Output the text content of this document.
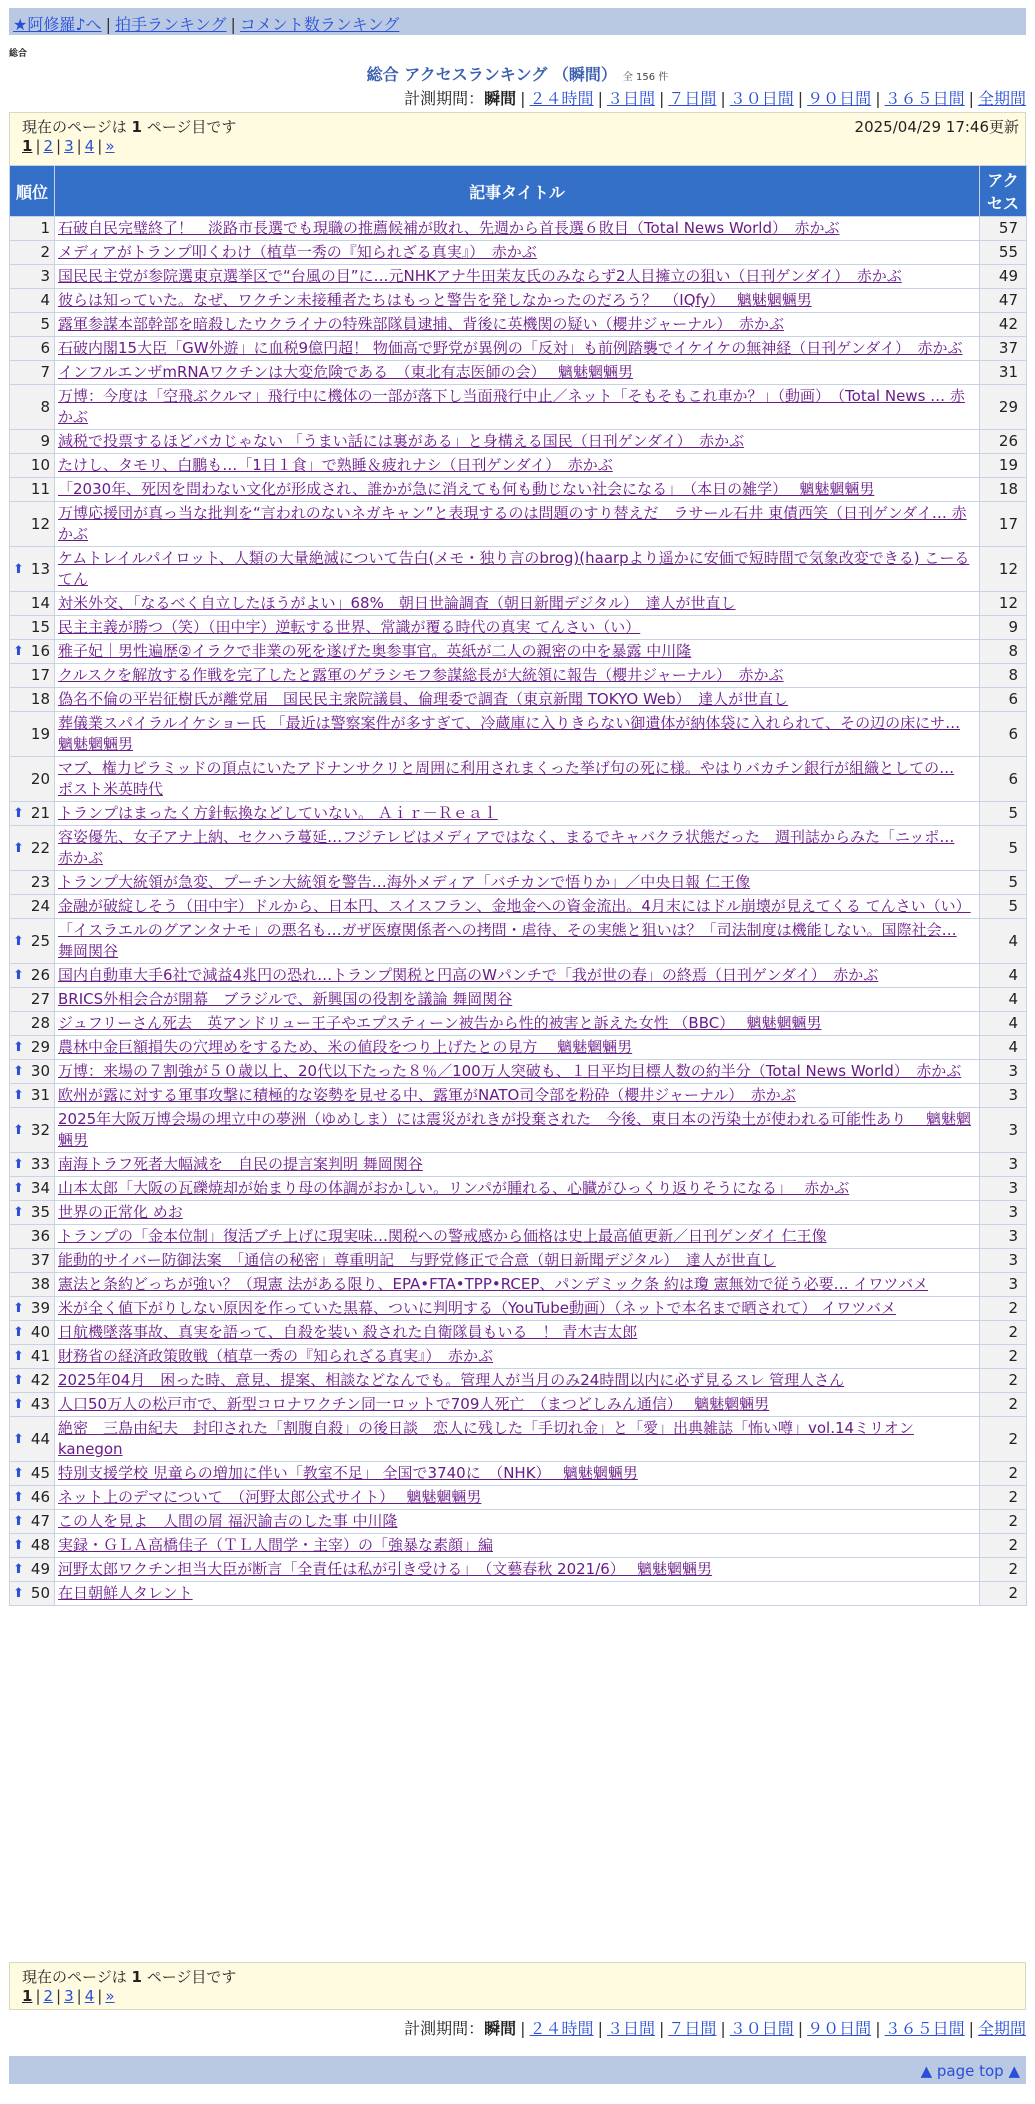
★阿修羅♪へ | 拍手ランキング | コメント数ランキング
総合
総合 アクセスランキング （瞬間） 全 156 件
計測期間：瞬間 | ２４時間 | ３日間 | ７日間 | ３０日間 | ９０日間 | ３６５日間 | 全期間
現在のページは 1 ページ目です	2025/04/29 17:46更新
1 | 2 | 3 | 4 | »
順位	記事タイトル	アクセス
1	石破自民完璧終了！　淡路市長選でも現職の推薦候補が敗れ、先週から首長選６敗目（Total News World）　赤かぶ	57
2	メディアがトランプ叩くわけ（植草一秀の『知られざる真実』）　赤かぶ	55
3	国民民主党が参院選東京選挙区で“台風の目”に…元NHKアナ牛田茉友氏のみならず2人目擁立の狙い（日刊ゲンダイ）　赤かぶ	49
4	彼らは知っていた。なぜ、ワクチン未接種者たちはもっと警告を発しなかったのだろう？　（IQfy）　 魑魅魍魎男	47
5	露軍参謀本部幹部を暗殺したウクライナの特殊部隊員逮捕、背後に英機関の疑い（櫻井ジャーナル）　赤かぶ	42
6	石破内閣15大臣「GW外遊」に血税9億円超！ 物価高で野党が異例の「反対」も前例踏襲でイケイケの無神経（日刊ゲンダイ）　赤かぶ	37
7	インフルエンザmRNAワクチンは大変危険である　（東北有志医師の会）　 魑魅魍魎男	31
8	万博：今度は「空飛ぶクルマ」飛行中に機体の一部が落下し当面飛行中止／ネット「そもそもこれ車か？」（動画）　（Total News … 赤かぶ	29
9	減税で投票するほどバカじゃない 「うまい話には裏がある」と身構える国民（日刊ゲンダイ）　赤かぶ	26
10	たけし、タモリ、白鵬も…「1日１食」で熟睡＆疲れナシ（日刊ゲンダイ）　赤かぶ	19
11	「2030年、死因を問わない文化が形成され、誰かが急に消えても何も動じない社会になる」　（本日の雑学）　 魑魅魍魎男	18
12	万博応援団が真っ当な批判を“言われのないネガキャン”と表現するのは問題のすり替えだ　ラサール石井 東債西笑（日刊ゲンダイ… 赤かぶ	17

⬆ 13	ケムトレイルパイロット、人類の大量絶滅について告白(メモ・独り言のbrog)(haarpより遥かに安価で短時間で気象改変できる) こーるてん	12
14	対米外交、「なるべく自立したほうがよい」68%　朝日世論調査（朝日新聞デジタル）　達人が世直し	12
15	民主主義が勝つ（笑）（田中宇）逆転する世界、常識が覆る時代の真実 てんさい（い）	9

⬆ 16	雅子妃｜男性遍歴②イラクで非業の死を遂げた奥参事官。英紙が二人の親密の中を暴露 中川隆	8
17	クルスクを解放する作戦を完了したと露軍のゲラシモフ参謀総長が大統領に報告（櫻井ジャーナル）　赤かぶ	8
18	偽名不倫の平岩征樹氏が離党届　国民民主衆院議員、倫理委で調査（東京新聞 TOKYO Web）　達人が世直し	6
19	葬儀業スパイラルイケショー氏 「最近は警察案件が多すぎて、冷蔵庫に入りきらない御遺体が納体袋に入れられて、その辺の床にサ… 魑魅魍魎男	6
20	マブ、権力ピラミッドの頂点にいたアドナンサクリと周囲に利用されまくった挙げ句の死に様。やはりバカチン銀行が組織としての… ポスト米英時代	6

⬆ 21	トランプはまったく方針転換などしていない。 Ａｉｒ－Ｒｅａｌ	5

⬆ 22	容姿優先、女子アナ上納、セクハラ蔓延…フジテレビはメディアではなく、まるでキャバクラ状態だった　週刊誌からみた「ニッポ… 赤かぶ	5
23	トランプ大統領が急変、プーチン大統領を警告…海外メディア「バチカンで悟りか」／中央日報 仁王像	5
24	金融が破綻しそう（田中宇）ドルから、日本円、スイスフラン、金地金への資金流出。4月末にはドル崩壊が見えてくる てんさい（い）	5

⬆ 25	「イスラエルのグアンタナモ」の悪名も…ガザ医療関係者への拷問・虐待、その実態と狙いは？「司法制度は機能しない。国際社会… 舞岡関谷	4

⬆ 26	国内自動車大手6社で減益4兆円の恐れ…トランプ関税と円高のWパンチで「我が世の春」の終焉（日刊ゲンダイ）　赤かぶ	4
27	BRICS外相会合が開幕　ブラジルで、新興国の役割を議論 舞岡関谷	4
28	ジュフリーさん死去　英アンドリュー王子やエプスティーン被告から性的被害と訴えた女性 （BBC）　 魑魅魍魎男	4

⬆ 29	農林中金巨額損失の穴埋めをするため、米の値段をつり上げたとの見方　 魑魅魍魎男	4

⬆ 30	万博：来場の７割強が５０歳以上、20代以下たった８％／100万人突破も、１日平均目標人数の約半分（Total News World）　赤かぶ	3

⬆ 31	欧州が露に対する軍事攻撃に積極的な姿勢を見せる中、露軍がNATO司令部を粉砕（櫻井ジャーナル）　赤かぶ	3

⬆ 32	2025年大阪万博会場の埋立中の夢洲（ゆめしま）には震災がれきが投棄された　今後、東日本の汚染土が使われる可能性あり　 魑魅魍魎男	3

⬆ 33	南海トラフ死者大幅減を　自民の提言案判明 舞岡関谷	3

⬆ 34	山本太郎「大阪の瓦礫焼却が始まり母の体調がおかしい。リンパが腫れる、心臓がひっくり返りそうになる」　 赤かぶ	3

⬆ 35	世界の正常化 めお	3
36	トランプの「金本位制」復活ブチ上げに現実味…関税への警戒感から価格は史上最高値更新／日刊ゲンダイ 仁王像	3
37	能動的サイバー防御法案　「通信の秘密」尊重明記　与野党修正で合意（朝日新聞デジタル）　達人が世直し	3
38	憲法と条約どっちが強い？（現憲 法がある限り、EPA•FTA•TPP•RCEP、パンデミック条 約は瓊 憲無効で従う必要… イワツバメ	3

⬆ 39	米が全く値下がりしない原因を作っていた黒幕、ついに判明する（YouTube動画）（ネットで本名まで晒されて） イワツバメ	2

⬆ 40	日航機墜落事故、真実を語って、自殺を装い 殺された自衛隊員もいる　！ 青木吉太郎	2

⬆ 41	財務省の経済政策敗戦（植草一秀の『知られざる真実』）　赤かぶ	2

⬆ 42	2025年04月　困った時、意見、提案、相談などなんでも。管理人が当月のみ24時間以内に必ず見るスレ 管理人さん	2

⬆ 43	人口50万人の松戸市で、新型コロナワクチン同一ロットで709人死亡　（まつどしみん通信）　 魑魅魍魎男	2

⬆ 44	絶密　三島由紀夫　封印された「割腹自殺」の後日談　恋人に残した「手切れ金」と「愛」出典雑誌「怖い噂」vol.14ミリオン kanegon	2

⬆ 45	特別支援学校 児童らの増加に伴い「教室不足」 全国で3740に　（NHK）　 魑魅魍魎男	2

⬆ 46	ネット上のデマについて　（河野太郎公式サイト）　 魑魅魍魎男	2

⬆ 47	この人を見よ　人間の屑 福沢諭吉のした事 中川隆	2

⬆ 48	実録・ＧＬＡ高橋佳子（ＴＬ人間学・主宰）の「強暴な素顔」編	2

⬆ 49	河野太郎ワクチン担当大臣が断言「全責任は私が引き受ける」　（文藝春秋 2021/6）　 魑魅魍魎男	2

⬆ 50	在日朝鮮人タレント	2
現在のページは 1 ページ目です
1 | 2 | 3 | 4 | »
計測期間：瞬間 | ２４時間 | ３日間 | ７日間 | ３０日間 | ９０日間 | ３６５日間 | 全期間
▲ page top ▲
